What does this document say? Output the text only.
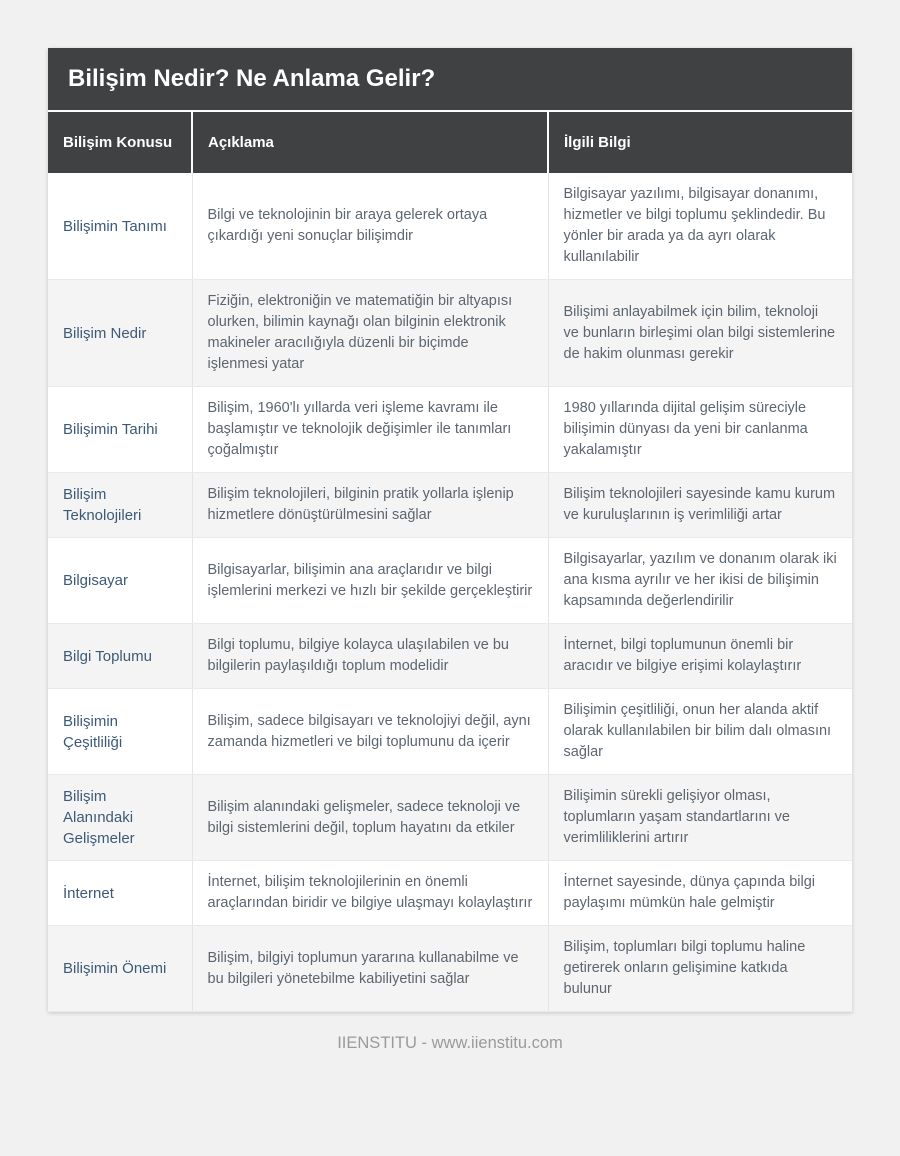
Bilişim Nedir? Ne Anlama Gelir?
Bilişim Konusu	Açıklama	İlgili Bilgi
Bilişimin Tanımı	Bilgi ve teknolojinin bir araya gelerek ortaya çıkardığı yeni sonuçlar bilişimdir	Bilgisayar yazılımı, bilgisayar donanımı, hizmetler ve bilgi toplumu şeklindedir. Bu yönler bir arada ya da ayrı olarak kullanılabilir
Bilişim Nedir	Fiziğin, elektroniğin ve matematiğin bir altyapısı olurken, bilimin kaynağı olan bilginin elektronik makineler aracılığıyla düzenli bir biçimde işlenmesi yatar	Bilişimi anlayabilmek için bilim, teknoloji ve bunların birleşimi olan bilgi sistemlerine de hakim olunması gerekir
Bilişimin Tarihi	Bilişim, 1960'lı yıllarda veri işleme kavramı ile başlamıştır ve teknolojik değişimler ile tanımları çoğalmıştır	1980 yıllarında dijital gelişim süreciyle bilişimin dünyası da yeni bir canlanma yakalamıştır
Bilişim Teknolojileri	Bilişim teknolojileri, bilginin pratik yollarla işlenip hizmetlere dönüştürülmesini sağlar	Bilişim teknolojileri sayesinde kamu kurum ve kuruluşlarının iş verimliliği artar
Bilgisayar	Bilgisayarlar, bilişimin ana araçlarıdır ve bilgi işlemlerini merkezi ve hızlı bir şekilde gerçekleştirir	Bilgisayarlar, yazılım ve donanım olarak iki ana kısma ayrılır ve her ikisi de bilişimin kapsamında değerlendirilir
Bilgi Toplumu	Bilgi toplumu, bilgiye kolayca ulaşılabilen ve bu bilgilerin paylaşıldığı toplum modelidir	İnternet, bilgi toplumunun önemli bir aracıdır ve bilgiye erişimi kolaylaştırır
Bilişimin Çeşitliliği	Bilişim, sadece bilgisayarı ve teknolojiyi değil, aynı zamanda hizmetleri ve bilgi toplumunu da içerir	Bilişimin çeşitliliği, onun her alanda aktif olarak kullanılabilen bir bilim dalı olmasını sağlar
Bilişim Alanındaki Gelişmeler	Bilişim alanındaki gelişmeler, sadece teknoloji ve bilgi sistemlerini değil, toplum hayatını da etkiler	Bilişimin sürekli gelişiyor olması, toplumların yaşam standartlarını ve verimliliklerini artırır
İnternet	İnternet, bilişim teknolojilerinin en önemli araçlarından biridir ve bilgiye ulaşmayı kolaylaştırır	İnternet sayesinde, dünya çapında bilgi paylaşımı mümkün hale gelmiştir
Bilişimin Önemi	Bilişim, bilgiyi toplumun yararına kullanabilme ve bu bilgileri yönetebilme kabiliyetini sağlar	Bilişim, toplumları bilgi toplumu haline getirerek onların gelişimine katkıda bulunur
IIENSTITU - www.iienstitu.com
